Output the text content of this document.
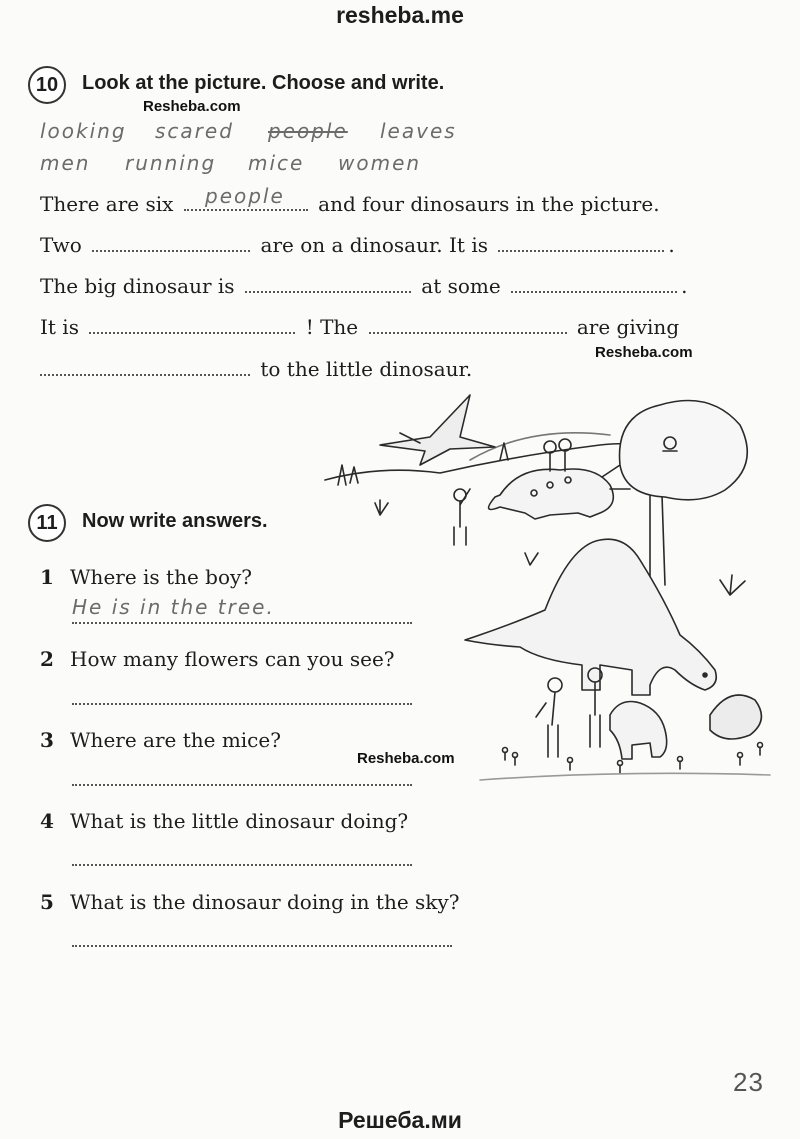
resheba.me

10	Look at the picture. Choose and write.
Resheba.com
looking scared people leaves
men running mice women
There are six	and four dinosaurs in the picture.
people
Two	are on a dinosaur. It is	.
The big dinosaur is	at some	.
It is	! The	are giving
Resheba.com
to the little dinosaur.
11	Now write answers.
1 Where is the boy?
He is in the tree.
2 How many flowers can you see?
3 Where are the mice?
Resheba.com
4 What is the little dinosaur doing?
5 What is the dinosaur doing in the sky?
23
Решеба.ми
